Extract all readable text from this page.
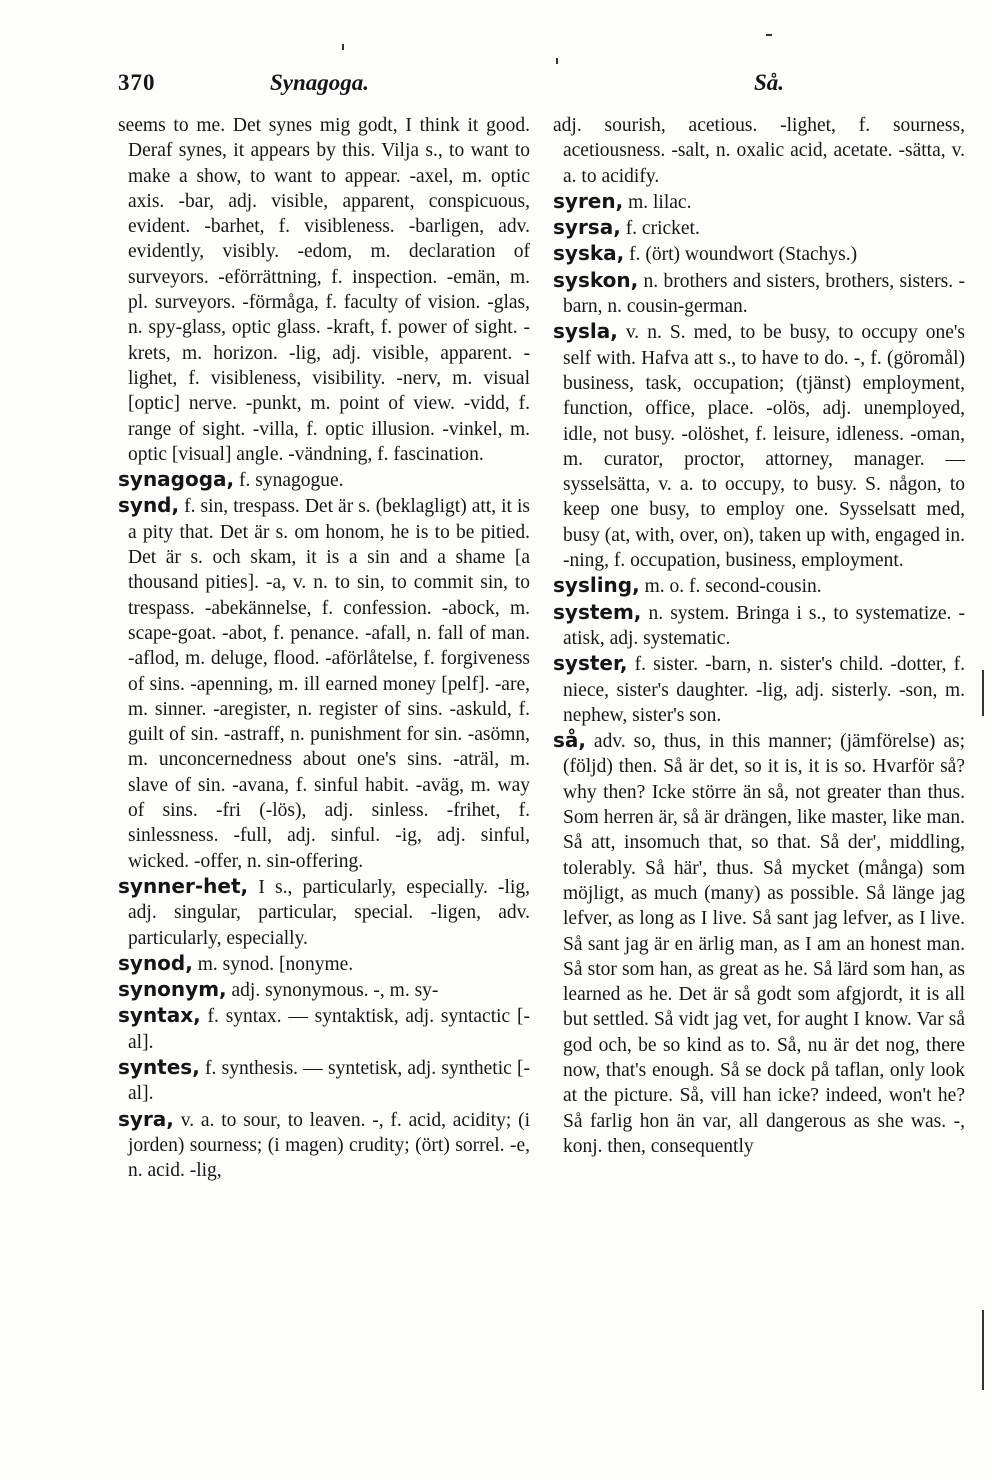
370	Synagoga.	Så.

seems to me. Det synes mig godt, I think it good. Deraf synes, it appears by this. Vilja s., to want to make a show, to want to appear. -axel, m. optic axis. -bar, adj. visible, apparent, conspicuous, evident. -barhet, f. visibleness. -barligen, adv. evidently, visibly. -edom, m. declaration of surveyors. -eförrättning, f. inspection. -emän, m. pl. surveyors. -förmåga, f. faculty of vision. -glas, n. spy-glass, optic glass. -kraft, f. power of sight. -krets, m. horizon. -lig, adj. visible, apparent. -lighet, f. visibleness, visibility. -nerv, m. visual [optic] nerve. -punkt, m. point of view. -vidd, f. range of sight. -villa, f. optic illusion. -vinkel, m. optic [visual] angle. -vändning, f. fascination.

synagoga, f. synagogue.

synd, f. sin, trespass. Det är s. (beklagligt) att, it is a pity that. Det är s. om honom, he is to be pitied. Det är s. och skam, it is a sin and a shame [a thousand pities]. -a, v. n. to sin, to commit sin, to trespass. -abekännelse, f. confession. -abock, m. scape-goat. -abot, f. penance. -afall, n. fall of man. -aflod, m. deluge, flood. -aförlåtelse, f. forgiveness of sins. -apenning, m. ill earned money [pelf]. -are, m. sinner. -aregister, n. register of sins. -askuld, f. guilt of sin. -astraff, n. punishment for sin. -asömn, m. unconcernedness about one's sins. -aträl, m. slave of sin. -avana, f. sinful habit. -aväg, m. way of sins. -fri (-lös), adj. sinless. -frihet, f. sinlessness. -full, adj. sinful. -ig, adj. sinful, wicked. -offer, n. sin-offering.

synner-het, I s., particularly, especially. -lig, adj. singular, particular, special. -ligen, adv. particularly, especially.

synod, m. synod. [nonyme.

synonym, adj. synonymous. -, m. sy-

syntax, f. syntax. — syntaktisk, adj. syntactic [-al].

syntes, f. synthesis. — syntetisk, adj. synthetic [-al].

syra, v. a. to sour, to leaven. -, f. acid, acidity; (i jorden) sourness; (i magen) crudity; (ört) sorrel. -e, n. acid. -lig,

adj. sourish, acetious. -lighet, f. sourness, acetiousness. -salt, n. oxalic acid, acetate. -sätta, v. a. to acidify.

syren, m. lilac.

syrsa, f. cricket.

syska, f. (ört) woundwort (Stachys.)

syskon, n. brothers and sisters, brothers, sisters. -barn, n. cousin-german.

sysla, v. n. S. med, to be busy, to occupy one's self with. Hafva att s., to have to do. -, f. (göromål) business, task, occupation; (tjänst) employment, function, office, place. -olös, adj. unemployed, idle, not busy. -olöshet, f. leisure, idleness. -oman, m. curator, proctor, attorney, manager. — sysselsätta, v. a. to occupy, to busy. S. någon, to keep one busy, to employ one. Sysselsatt med, busy (at, with, over, on), taken up with, engaged in. -ning, f. occupation, business, employment.

sysling, m. o. f. second-cousin.

system, n. system. Bringa i s., to systematize. -atisk, adj. systematic.

syster, f. sister. -barn, n. sister's child. -dotter, f. niece, sister's daughter. -lig, adj. sisterly. -son, m. nephew, sister's son.

så, adv. so, thus, in this manner; (jämförelse) as; (följd) then. Så är det, so it is, it is so. Hvarför så? why then? Icke större än så, not greater than thus. Som herren är, så är drängen, like master, like man. Så att, insomuch that, so that. Så der', middling, tolerably. Så här', thus. Så mycket (många) som möjligt, as much (many) as possible. Så länge jag lefver, as long as I live. Så sant jag lefver, as I live. Så sant jag är en ärlig man, as I am an honest man. Så stor som han, as great as he. Så lärd som han, as learned as he. Det är så godt som afgjordt, it is all but settled. Så vidt jag vet, for aught I know. Var så god och, be so kind as to. Så, nu är det nog, there now, that's enough. Så se dock på taflan, only look at the picture. Så, vill han icke? indeed, won't he? Så farlig hon än var, all dangerous as she was. -, konj. then, consequently
